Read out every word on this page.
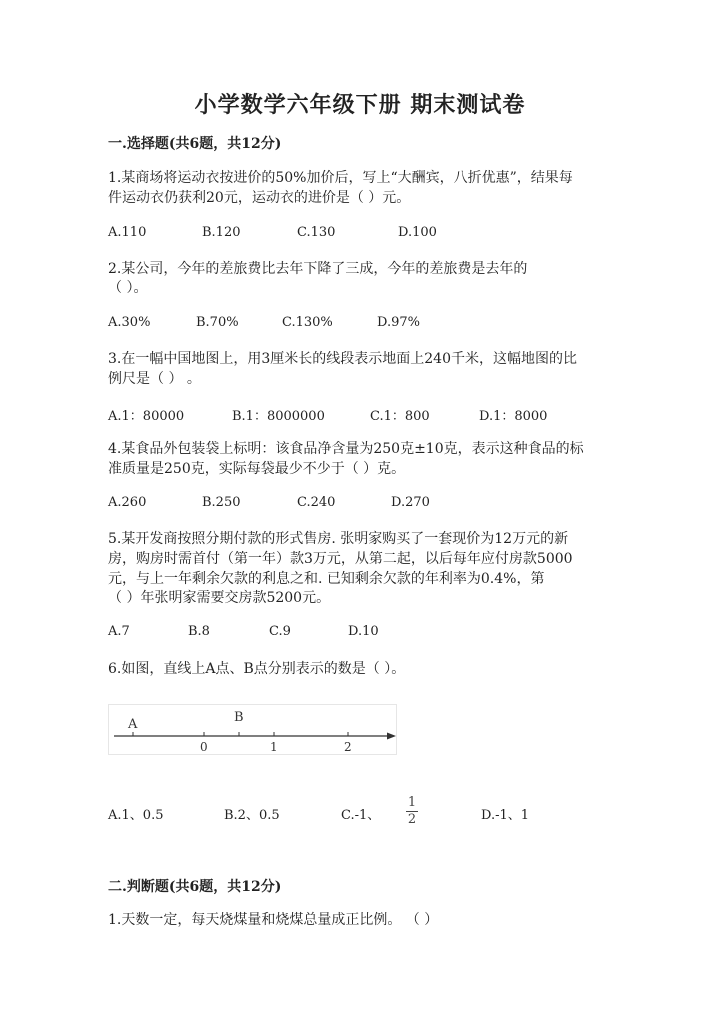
小学数学六年级下册 期末测试卷
一.选择题(共6题，共12分)
1.某商场将运动衣按进价的50%加价后，写上“大酬宾，八折优惠”，结果每
件运动衣仍获利20元，运动衣的进价是（ ）元。
A.110	B.120	C.130	D.100
2.某公司，今年的差旅费比去年下降了三成，今年的差旅费是去年的
（ ）。
A.30%	B.70%	C.130%	D.97%
3.在一幅中国地图上，用3厘米长的线段表示地面上240千米，这幅地图的比
例尺是（ ） 。
A.1：80000	B.1：8000000	C.1：800	D.1：8000
4.某食品外包装袋上标明：该食品净含量为250克±10克，表示这种食品的标
准质量是250克，实际每袋最少不少于（ ）克。
A.260	B.250	C.240	D.270
5.某开发商按照分期付款的形式售房. 张明家购买了一套现价为12万元的新
房，购房时需首付（第一年）款3万元，从第二起，以后每年应付房款5000
元，与上一年剩余欠款的利息之和. 已知剩余欠款的年利率为0.4%，第
（ ）年张明家需要交房款5200元。
A.7	B.8	C.9	D.10
6.如图，直线上A点、B点分别表示的数是（ ）。
A	B
0	1	2
A.1、0.5	B.2、0.5	C.-1、
1
2	D.-1、1
二.判断题(共6题，共12分)
1.天数一定，每天烧煤量和烧煤总量成正比例。 （ ）
